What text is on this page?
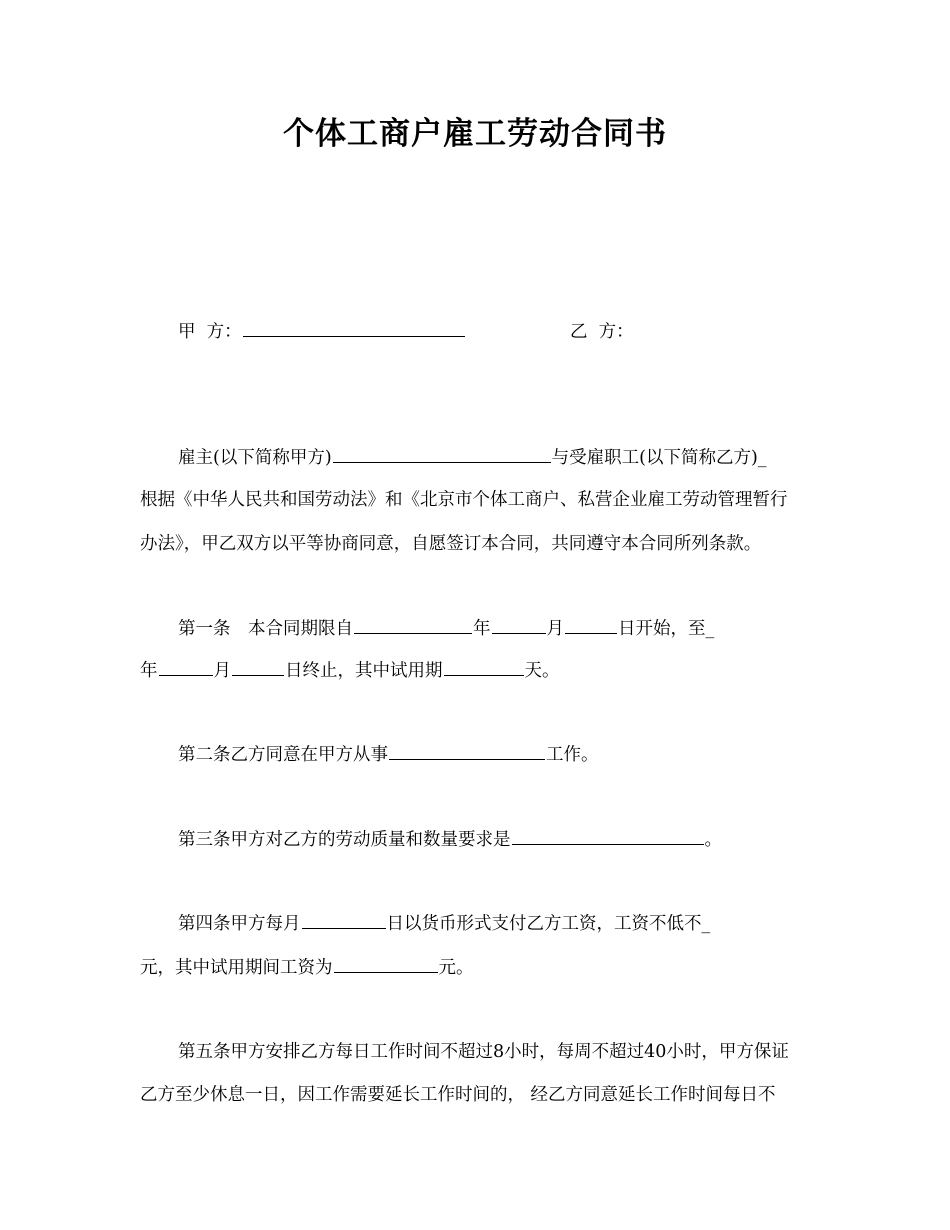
个体工商户雇工劳动合同书
甲  方：	乙  方：
雇主(以下简称甲方)	与受雇职工(以下简称乙方)_
根据《中华人民共和国劳动法》和《北京市个体工商户、私营企业雇工劳动管理暂行
办法》，甲乙双方以平等协商同意，自愿签订本合同，共同遵守本合同所列条款。
第一条　本合同期限自	年	月	日开始，至_
年	月	日终止，其中试用期	天。
第二条乙方同意在甲方从事	工作。
第三条甲方对乙方的劳动质量和数量要求是	。
第四条甲方每月	日以货币形式支付乙方工资，工资不低不_
元，其中试用期间工资为	元。
第五条甲方安排乙方每日工作时间不超过8小时，每周不超过40小时，甲方保证
乙方至少休息一日，因工作需要延长工作时间的， 经乙方同意延长工作时间每日不
